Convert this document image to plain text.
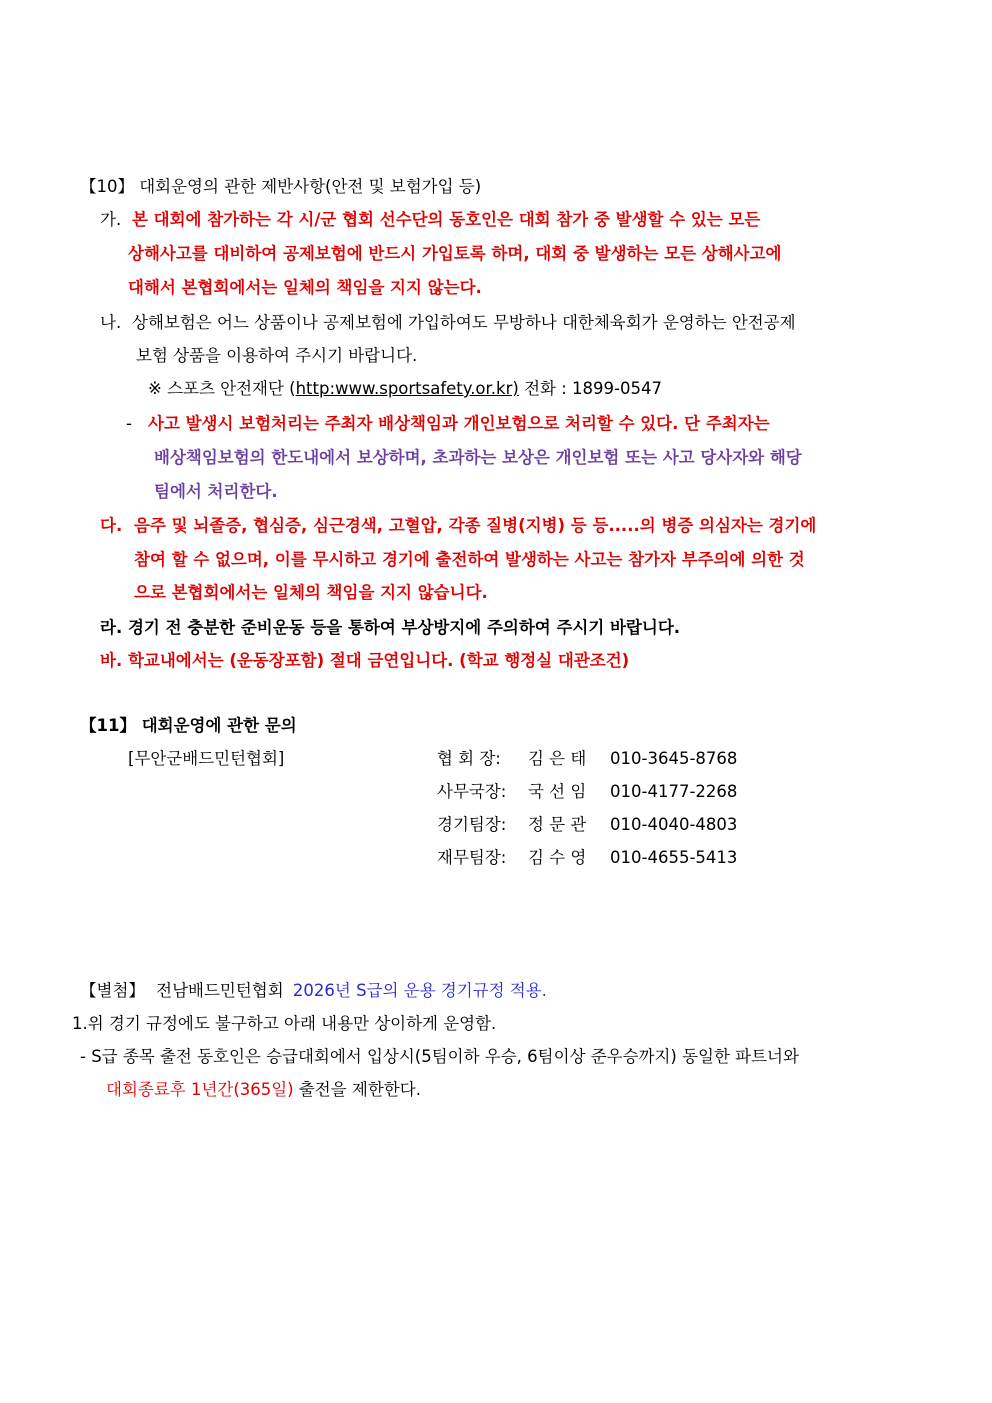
【10】 대회운영의 관한 제반사항(안전 및 보험가입 등)
가. 본 대회에 참가하는 각 시/군 협회 선수단의 동호인은 대회 참가 중 발생할 수 있는 모든
상해사고를 대비하여 공제보험에 반드시 가입토록 하며, 대회 중 발생하는 모든 상해사고에
대해서 본협회에서는 일체의 책임을 지지 않는다.
나. 상해보험은 어느 상품이나 공제보험에 가입하여도 무방하나 대한체육회가 운영하는 안전공제
보험 상품을 이용하여 주시기 바랍니다.
※ 스포츠 안전재단 (http:www.sportsafety.or.kr) 전화 : 1899-0547
- 사고 발생시 보험처리는 주최자 배상책임과 개인보험으로 처리할 수 있다. 단 주최자는
배상책임보험의 한도내에서 보상하며, 초과하는 보상은 개인보험 또는 사고 당사자와 해당
팀에서 처리한다.
다. 음주 및 뇌졸증, 협심증, 심근경색, 고혈압, 각종 질병(지병) 등 등.....의 병증 의심자는 경기에
참여 할 수 없으며, 이를 무시하고 경기에 출전하여 발생하는 사고는 참가자 부주의에 의한 것
으로 본협회에서는 일체의 책임을 지지 않습니다.
라. 경기 전 충분한 준비운동 등을 통하여 부상방지에 주의하여 주시기 바랍니다.
바. 학교내에서는 (운동장포함) 절대 금연입니다. (학교 행정실 대관조건)
【11】 대회운영에 관한 문의
[무안군배드민턴협회]	협 회 장: 김 은 태 010-3645-8768
사무국장: 국 선 임 010-4177-2268
경기팀장: 정 문 관 010-4040-4803
재무팀장: 김 수 영 010-4655-5413
【별첨】 전남배드민턴협회 2026년 S급의 운용 경기규정 적용.
1.위 경기 규정에도 불구하고 아래 내용만 상이하게 운영함.
- S급 종목 출전 동호인은 승급대회에서 입상시(5팀이하 우승, 6팀이상 준우승까지) 동일한 파트너와
대회종료후 1년간(365일) 출전을 제한한다.
